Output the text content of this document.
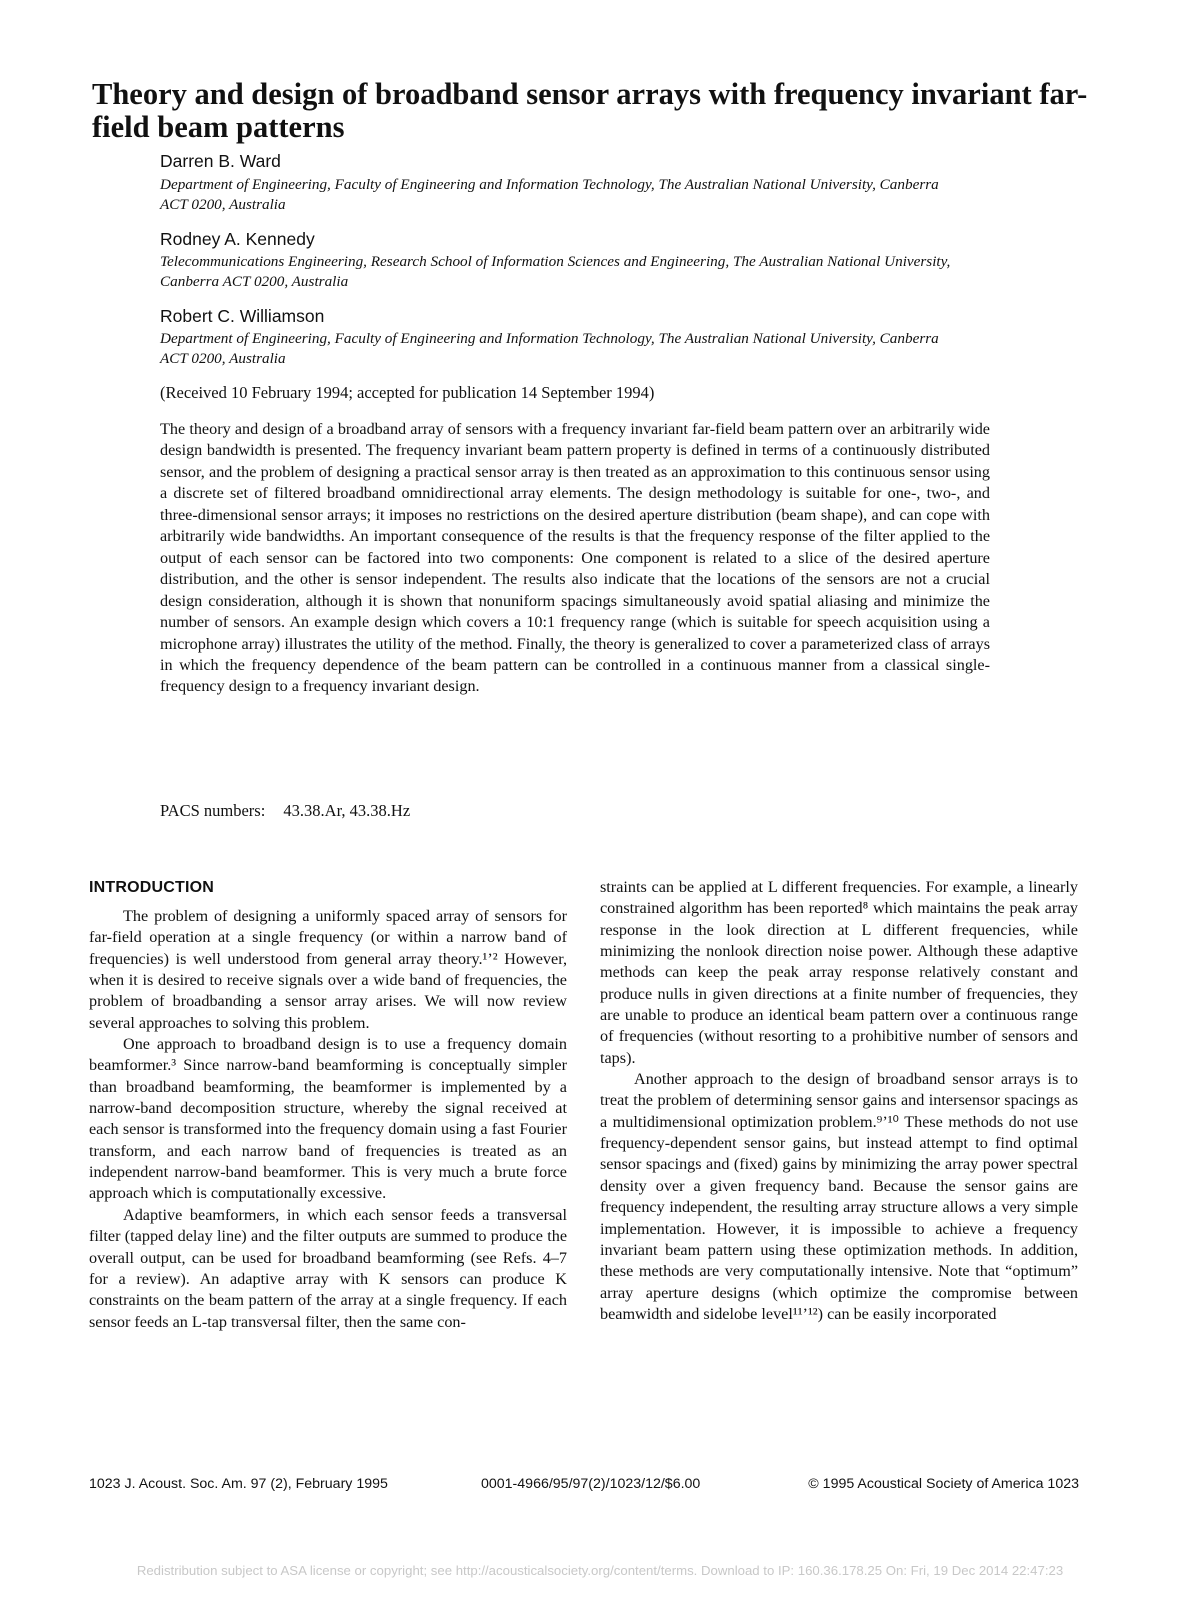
Theory and design of broadband sensor arrays with frequency invariant far-field beam patterns
Darren B. Ward
Department of Engineering, Faculty of Engineering and Information Technology, The Australian National University, Canberra ACT 0200, Australia
Rodney A. Kennedy
Telecommunications Engineering, Research School of Information Sciences and Engineering, The Australian National University, Canberra ACT 0200, Australia
Robert C. Williamson
Department of Engineering, Faculty of Engineering and Information Technology, The Australian National University, Canberra ACT 0200, Australia
(Received 10 February 1994; accepted for publication 14 September 1994)

The theory and design of a broadband array of sensors with a frequency invariant far-field beam pattern over an arbitrarily wide design bandwidth is presented. The frequency invariant beam pattern property is defined in terms of a continuously distributed sensor, and the problem of designing a practical sensor array is then treated as an approximation to this continuous sensor using a discrete set of filtered broadband omnidirectional array elements. The design methodology is suitable for one-, two-, and three-dimensional sensor arrays; it imposes no restrictions on the desired aperture distribution (beam shape), and can cope with arbitrarily wide bandwidths. An important consequence of the results is that the frequency response of the filter applied to the output of each sensor can be factored into two components: One component is related to a slice of the desired aperture distribution, and the other is sensor independent. The results also indicate that the locations of the sensors are not a crucial design consideration, although it is shown that nonuniform spacings simultaneously avoid spatial aliasing and minimize the number of sensors. An example design which covers a 10:1 frequency range (which is suitable for speech acquisition using a microphone array) illustrates the utility of the method. Finally, the theory is generalized to cover a parameterized class of arrays in which the frequency dependence of the beam pattern can be controlled in a continuous manner from a classical single-frequency design to a frequency invariant design.

PACS numbers: 43.38.Ar, 43.38.Hz
INTRODUCTION

The problem of designing a uniformly spaced array of sensors for far-field operation at a single frequency (or within a narrow band of frequencies) is well understood from general array theory.¹ʼ² However, when it is desired to receive signals over a wide band of frequencies, the problem of broadbanding a sensor array arises. We will now review several approaches to solving this problem.

One approach to broadband design is to use a frequency domain beamformer.³ Since narrow-band beamforming is conceptually simpler than broadband beamforming, the beamformer is implemented by a narrow-band decomposition structure, whereby the signal received at each sensor is transformed into the frequency domain using a fast Fourier transform, and each narrow band of frequencies is treated as an independent narrow-band beamformer. This is very much a brute force approach which is computationally excessive.

Adaptive beamformers, in which each sensor feeds a transversal filter (tapped delay line) and the filter outputs are summed to produce the overall output, can be used for broadband beamforming (see Refs. 4–7 for a review). An adaptive array with K sensors can produce K constraints on the beam pattern of the array at a single frequency. If each sensor feeds an L-tap transversal filter, then the same con-

straints can be applied at L different frequencies. For example, a linearly constrained algorithm has been reported⁸ which maintains the peak array response in the look direction at L different frequencies, while minimizing the nonlook direction noise power. Although these adaptive methods can keep the peak array response relatively constant and produce nulls in given directions at a finite number of frequencies, they are unable to produce an identical beam pattern over a continuous range of frequencies (without resorting to a prohibitive number of sensors and taps).

Another approach to the design of broadband sensor arrays is to treat the problem of determining sensor gains and intersensor spacings as a multidimensional optimization problem.⁹ʼ¹⁰ These methods do not use frequency-dependent sensor gains, but instead attempt to find optimal sensor spacings and (fixed) gains by minimizing the array power spectral density over a given frequency band. Because the sensor gains are frequency independent, the resulting array structure allows a very simple implementation. However, it is impossible to achieve a frequency invariant beam pattern using these optimization methods. In addition, these methods are very computationally intensive. Note that “optimum” array aperture designs (which optimize the compromise between beamwidth and sidelobe level¹¹ʼ¹²) can be easily incorporated

1023 J. Acoust. Soc. Am. 97 (2), February 1995	0001-4966/95/97(2)/1023/12/$6.00	© 1995 Acoustical Society of America 1023
Redistribution subject to ASA license or copyright; see http://acousticalsociety.org/content/terms. Download to IP: 160.36.178.25 On: Fri, 19 Dec 2014 22:47:23
